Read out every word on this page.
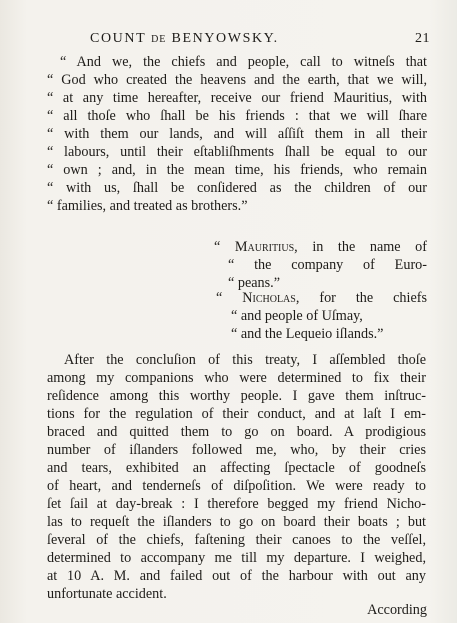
COUNT DE BENYOWSKY.	21
“ And we, the chiefs and people, call to witneſs that
“ God who created the heavens and the earth, that we will,
“ at any time hereafter, receive our friend Mauritius, with
“ all thoſe who ſhall be his friends : that we will ſhare
“ with them our lands, and will aſſiſt them in all their
“ labours, until their eſtabliſhments ſhall be equal to our
“ own ; and, in the mean time, his friends, who remain
“ with us, ſhall be conſidered as the children of our
“ families, and treated as brothers.”
“ Mauritius, in the name of
“ the company of Euro-
“ peans.”
“ Nicholas, for the chiefs
“ and people of Uſmay,
“ and the Lequeio iſlands.”
After the concluſion of this treaty, I aſſembled thoſe
among my companions who were determined to fix their
reſidence among this worthy people. I gave them inſtruc-
tions for the regulation of their conduct, and at laſt I em-
braced and quitted them to go on board. A prodigious
number of iſlanders followed me, who, by their cries
and tears, exhibited an affecting ſpectacle of goodneſs
of heart, and tenderneſs of diſpoſition. We were ready to
ſet ſail at day-break : I therefore begged my friend Nicho-
las to requeſt the iſlanders to go on board their boats ; but
ſeveral of the chiefs, faſtening their canoes to the veſſel,
determined to accompany me till my departure. I weighed,
at 10 A. M. and failed out of the harbour with out any
unfortunate accident.
According
